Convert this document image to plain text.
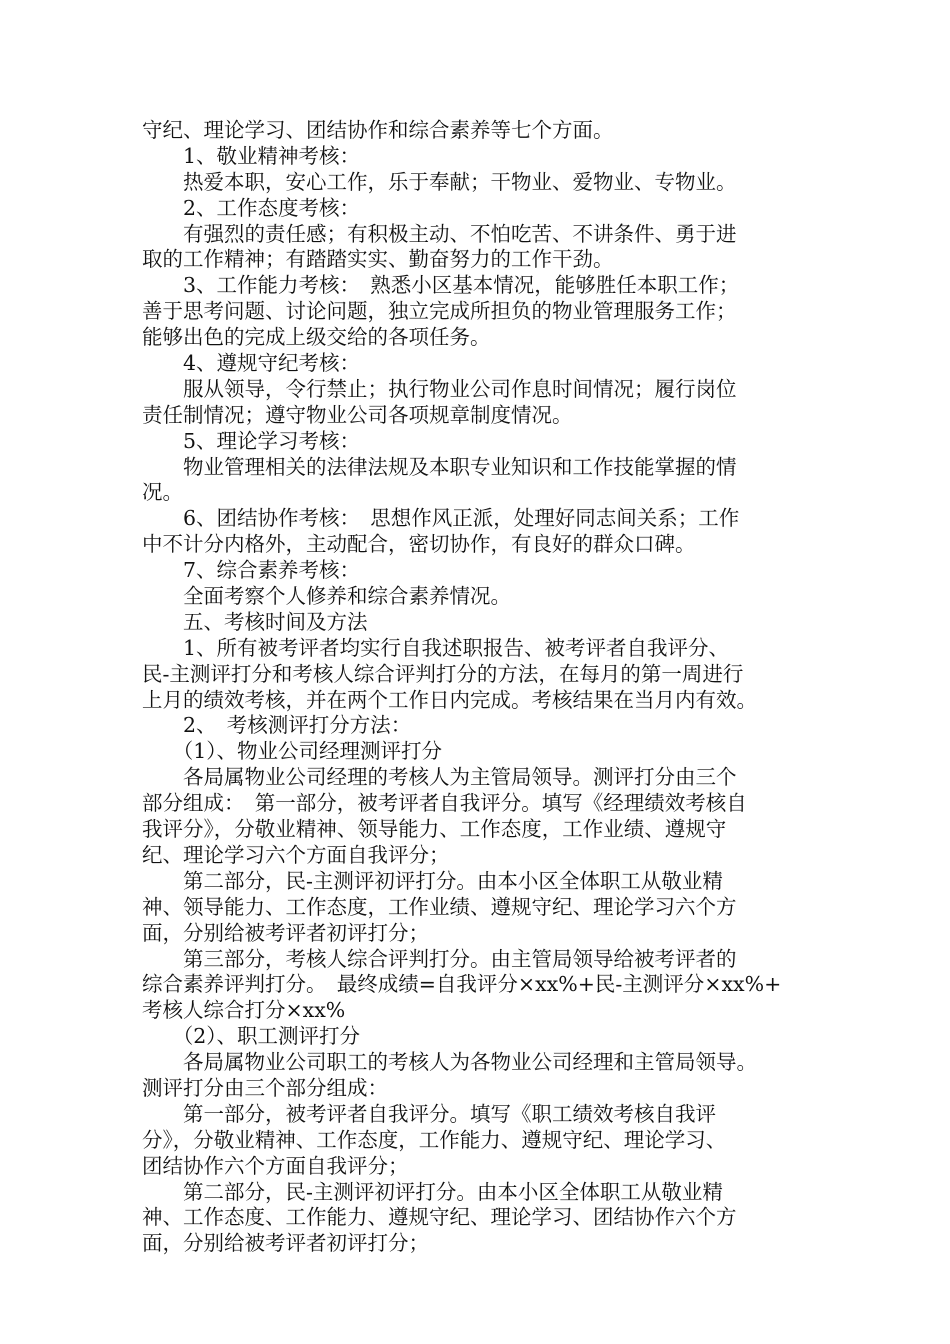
守纪、理论学习、团结协作和综合素养等七个方面。
　　1、敬业精神考核：
　　热爱本职，安心工作，乐于奉献；干物业、爱物业、专物业。
　　2、工作态度考核：
　　有强烈的责任感；有积极主动、不怕吃苦、不讲条件、勇于进
取的工作精神；有踏踏实实、勤奋努力的工作干劲。
　　3、工作能力考核：　熟悉小区基本情况，能够胜任本职工作；
善于思考问题、讨论问题，独立完成所担负的物业管理服务工作；
能够出色的完成上级交给的各项任务。
　　4、遵规守纪考核：
　　服从领导，令行禁止；执行物业公司作息时间情况；履行岗位
责任制情况；遵守物业公司各项规章制度情况。
　　5、理论学习考核：
　　物业管理相关的法律法规及本职专业知识和工作技能掌握的情
况。
　　6、团结协作考核：　思想作风正派，处理好同志间关系；工作
中不计分内格外，主动配合，密切协作，有良好的群众口碑。
　　7、综合素养考核：
　　全面考察个人修养和综合素养情况。
　　五、考核时间及方法
　　1、所有被考评者均实行自我述职报告、被考评者自我评分、
民-主测评打分和考核人综合评判打分的方法，在每月的第一周进行
上月的绩效考核，并在两个工作日内完成。考核结果在当月内有效。
　　2、　考核测评打分方法：
　　（1）、物业公司经理测评打分
　　各局属物业公司经理的考核人为主管局领导。测评打分由三个
部分组成：　第一部分，被考评者自我评分。填写《经理绩效考核自
我评分》，分敬业精神、领导能力、工作态度，工作业绩、遵规守
纪、理论学习六个方面自我评分；
　　第二部分，民-主测评初评打分。由本小区全体职工从敬业精
神、领导能力、工作态度，工作业绩、遵规守纪、理论学习六个方
面，分别给被考评者初评打分；
　　第三部分，考核人综合评判打分。由主管局领导给被考评者的
综合素养评判打分。　最终成绩=自我评分×xx%+民-主测评分×xx%+
考核人综合打分×xx%
　　（2）、职工测评打分
　　各局属物业公司职工的考核人为各物业公司经理和主管局领导。
测评打分由三个部分组成：
　　第一部分，被考评者自我评分。填写《职工绩效考核自我评
分》，分敬业精神、工作态度，工作能力、遵规守纪、理论学习、
团结协作六个方面自我评分；
　　第二部分，民-主测评初评打分。由本小区全体职工从敬业精
神、工作态度、工作能力、遵规守纪、理论学习、团结协作六个方
面，分别给被考评者初评打分；
